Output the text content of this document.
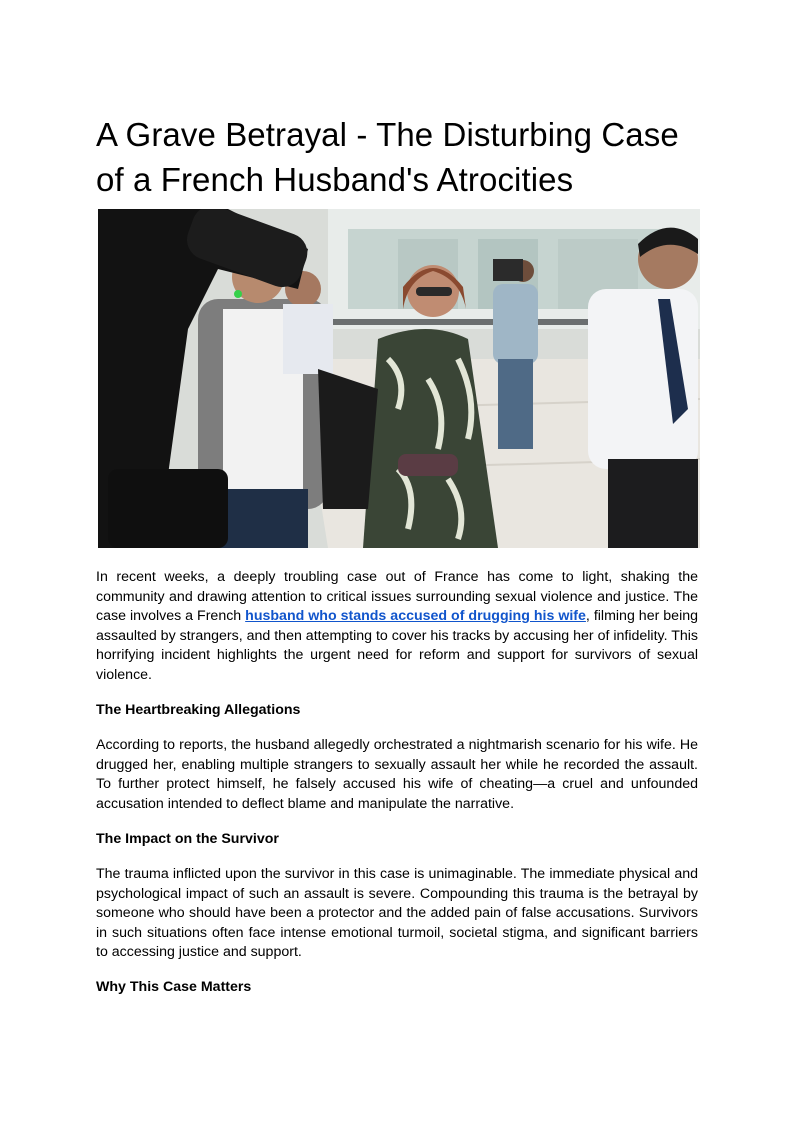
A Grave Betrayal - The Disturbing Case of a French Husband's Atrocities

In recent weeks, a deeply troubling case out of France has come to light, shaking the community and drawing attention to critical issues surrounding sexual violence and justice. The case involves a French husband who stands accused of drugging his wife, filming her being assaulted by strangers, and then attempting to cover his tracks by accusing her of infidelity. This horrifying incident highlights the urgent need for reform and support for survivors of sexual violence.

The Heartbreaking Allegations

According to reports, the husband allegedly orchestrated a nightmarish scenario for his wife. He drugged her, enabling multiple strangers to sexually assault her while he recorded the assault. To further protect himself, he falsely accused his wife of cheating—a cruel and unfounded accusation intended to deflect blame and manipulate the narrative.

The Impact on the Survivor

The trauma inflicted upon the survivor in this case is unimaginable. The immediate physical and psychological impact of such an assault is severe. Compounding this trauma is the betrayal by someone who should have been a protector and the added pain of false accusations. Survivors in such situations often face intense emotional turmoil, societal stigma, and significant barriers to accessing justice and support.

Why This Case Matters
